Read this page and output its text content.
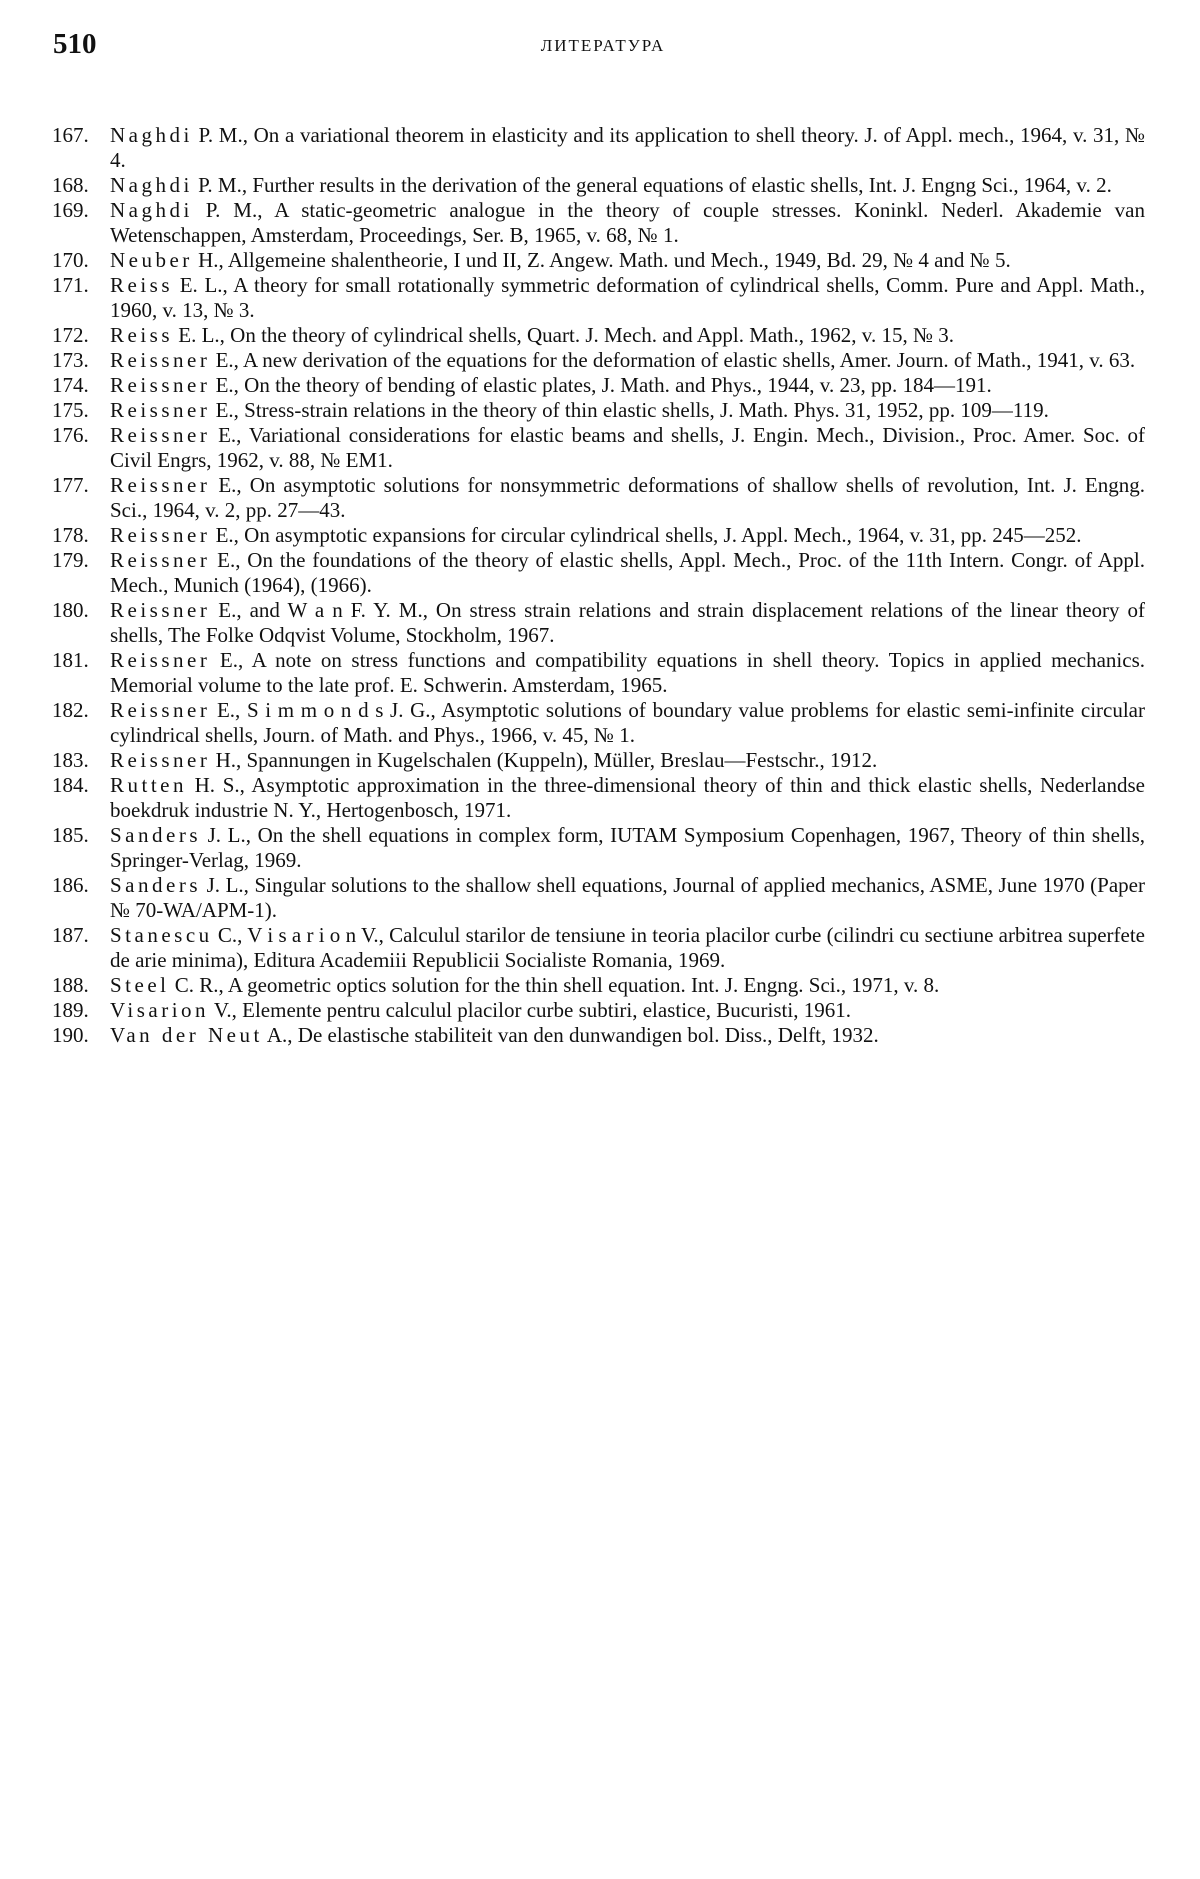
510	ЛИТЕРАТУРА
167. Naghdi P. M., On a variational theorem in elasticity and its application to shell theory. J. of Appl. mech., 1964, v. 31, № 4.
168. Naghdi P. M., Further results in the derivation of the general equations of elastic shells, Int. J. Engng Sci., 1964, v. 2.
169. Naghdi P. M., A static-geometric analogue in the theory of couple stresses. Koninkl. Nederl. Akademie van Wetenschappen, Amsterdam, Proceedings, Ser. B, 1965, v. 68, № 1.
170. Neuber H., Allgemeine shalentheorie, I und II, Z. Angew. Math. und Mech., 1949, Bd. 29, № 4 and № 5.
171. Reiss E. L., A theory for small rotationally symmetric deformation of cylindrical shells, Comm. Pure and Appl. Math., 1960, v. 13, № 3.
172. Reiss E. L., On the theory of cylindrical shells, Quart. J. Mech. and Appl. Math., 1962, v. 15, № 3.
173. Reissner E., A new derivation of the equations for the deformation of elastic shells, Amer. Journ. of Math., 1941, v. 63.
174. Reissner E., On the theory of bending of elastic plates, J. Math. and Phys., 1944, v. 23, pp. 184—191.
175. Reissner E., Stress-strain relations in the theory of thin elastic shells, J. Math. Phys. 31, 1952, pp. 109—119.
176. Reissner E., Variational considerations for elastic beams and shells, J. Engin. Mech., Division., Proc. Amer. Soc. of Civil Engrs, 1962, v. 88, № EM1.
177. Reissner E., On asymptotic solutions for nonsymmetric deformations of shallow shells of revolution, Int. J. Engng. Sci., 1964, v. 2, pp. 27—43.
178. Reissner E., On asymptotic expansions for circular cylindrical shells, J. Appl. Mech., 1964, v. 31, pp. 245—252.
179. Reissner E., On the foundations of the theory of elastic shells, Appl. Mech., Proc. of the 11th Intern. Congr. of Appl. Mech., Munich (1964), (1966).
180. Reissner E., and W a n F. Y. M., On stress strain relations and strain displacement relations of the linear theory of shells, The Folke Odqvist Volume, Stockholm, 1967.
181. Reissner E., A note on stress functions and compatibility equations in shell theory. Topics in applied mechanics. Memorial volume to the late prof. E. Schwerin. Amsterdam, 1965.
182. Reissner E., S i m m o n d s J. G., Asymptotic solutions of boundary value problems for elastic semi-infinite circular cylindrical shells, Journ. of Math. and Phys., 1966, v. 45, № 1.
183. Reissner H., Spannungen in Kugelschalen (Kuppeln), Müller, Breslau—Festschr., 1912.
184. Rutten H. S., Asymptotic approximation in the three-dimensional theory of thin and thick elastic shells, Nederlandse boekdruk industrie N. Y., Hertogenbosch, 1971.
185. Sanders J. L., On the shell equations in complex form, IUTAM Symposium Copenhagen, 1967, Theory of thin shells, Springer-Verlag, 1969.
186. Sanders J. L., Singular solutions to the shallow shell equations, Journal of applied mechanics, ASME, June 1970 (Paper № 70-WA/APM-1).
187. Stanescu C., V i s a r i o n V., Calculul starilor de tensiune in teoria placilor curbe (cilindri cu sectiune arbitrea superfete de arie minima), Editura Academiii Republicii Socialiste Romania, 1969.
188. Steel C. R., A geometric optics solution for the thin shell equation. Int. J. Engng. Sci., 1971, v. 8.
189. Visarion V., Elemente pentru calculul placilor curbe subtiri, elastice, Bucuristi, 1961.
190. Van der Neut A., De elastische stabiliteit van den dunwandigen bol. Diss., Delft, 1932.
